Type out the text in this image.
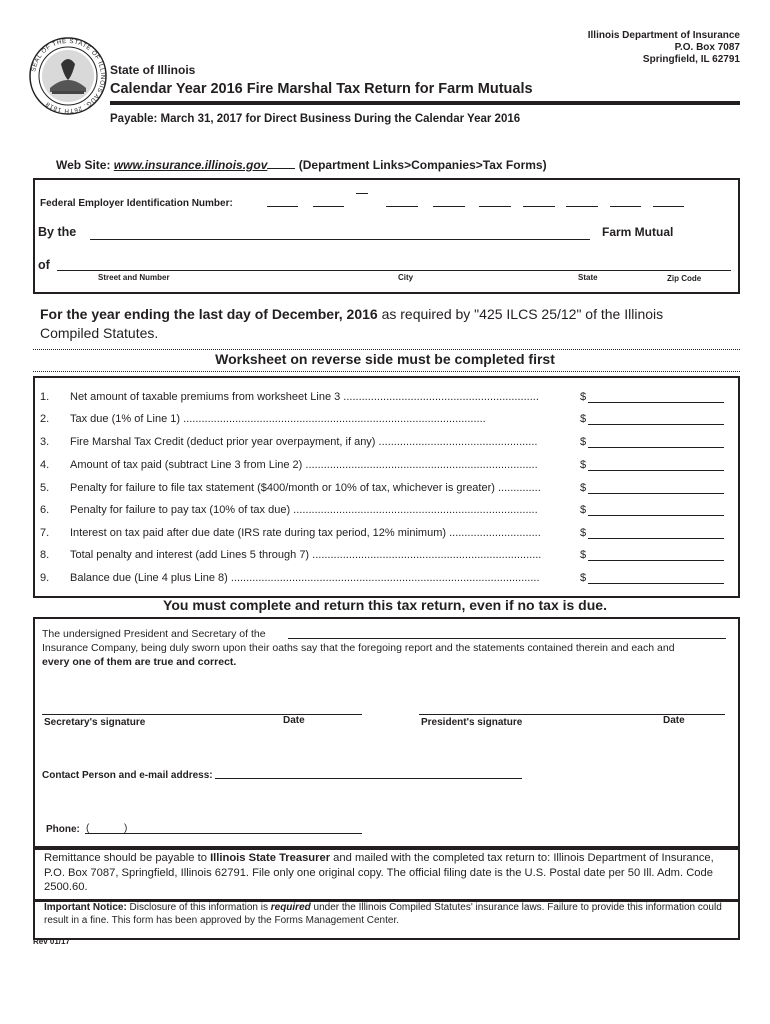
SEAL OF THE STATE OF ILLINOIS AUG. 26TH 1818
Illinois Department of Insurance
P.O. Box 7087
Springfield, IL 62791
State of Illinois
Calendar Year 2016 Fire Marshal Tax Return for Farm Mutuals
Payable: March 31, 2017 for Direct Business During the Calendar Year 2016
Web Site: www.insurance.illinois.gov	(Department Links>Companies>Tax Forms)
Federal Employer Identification Number:
By the	Farm Mutual
of
Street and Number	City	State	Zip Code
For the year ending the last day of December, 2016 as required by "425 ILCS 25/12" of the Illinois Compiled Statutes.
Worksheet on reverse side must be completed first
1.	Net amount of taxable premiums from worksheet Line 3 ................................................................	$
2.	Tax due (1% of Line 1) ...................................................................................................	$
3.	Fire Marshal Tax Credit (deduct prior year overpayment, if any) ....................................................	$
4.	Amount of tax paid (subtract Line 3 from Line 2) ............................................................................	$
5.	Penalty for failure to file tax statement ($400/month or 10% of tax, whichever is greater) ..............	$
6.	Penalty for failure to pay tax (10% of tax due) ................................................................................	$
7.	Interest on tax paid after due date (IRS rate during tax period, 12% minimum) ..............................	$
8.	Total penalty and interest (add Lines 5 through 7) ...........................................................................	$
9.	Balance due (Line 4 plus Line 8) .....................................................................................................	$
You must complete and return this tax return, even if no tax is due.
The undersigned President and Secretary of the
Insurance Company, being duly sworn upon their oaths say that the foregoing report and the statements contained therein and each and
every one of them are true and correct.
Secretary's signature	Date	President's signature	Date
Contact Person and e-mail address:
Phone: (	)
Remittance should be payable to Illinois State Treasurer and mailed with the completed tax return to: Illinois Department of Insurance, P.O. Box 7087, Springfield, Illinois 62791. File only one original copy. The official filing date is the U.S. Postal date per 50 Ill. Adm. Code 2500.60.
Important Notice: Disclosure of this information is required under the Illinois Compiled Statutes' insurance laws. Failure to provide this information could result in a fine. This form has been approved by the Forms Management Center.
Rev 01/17
